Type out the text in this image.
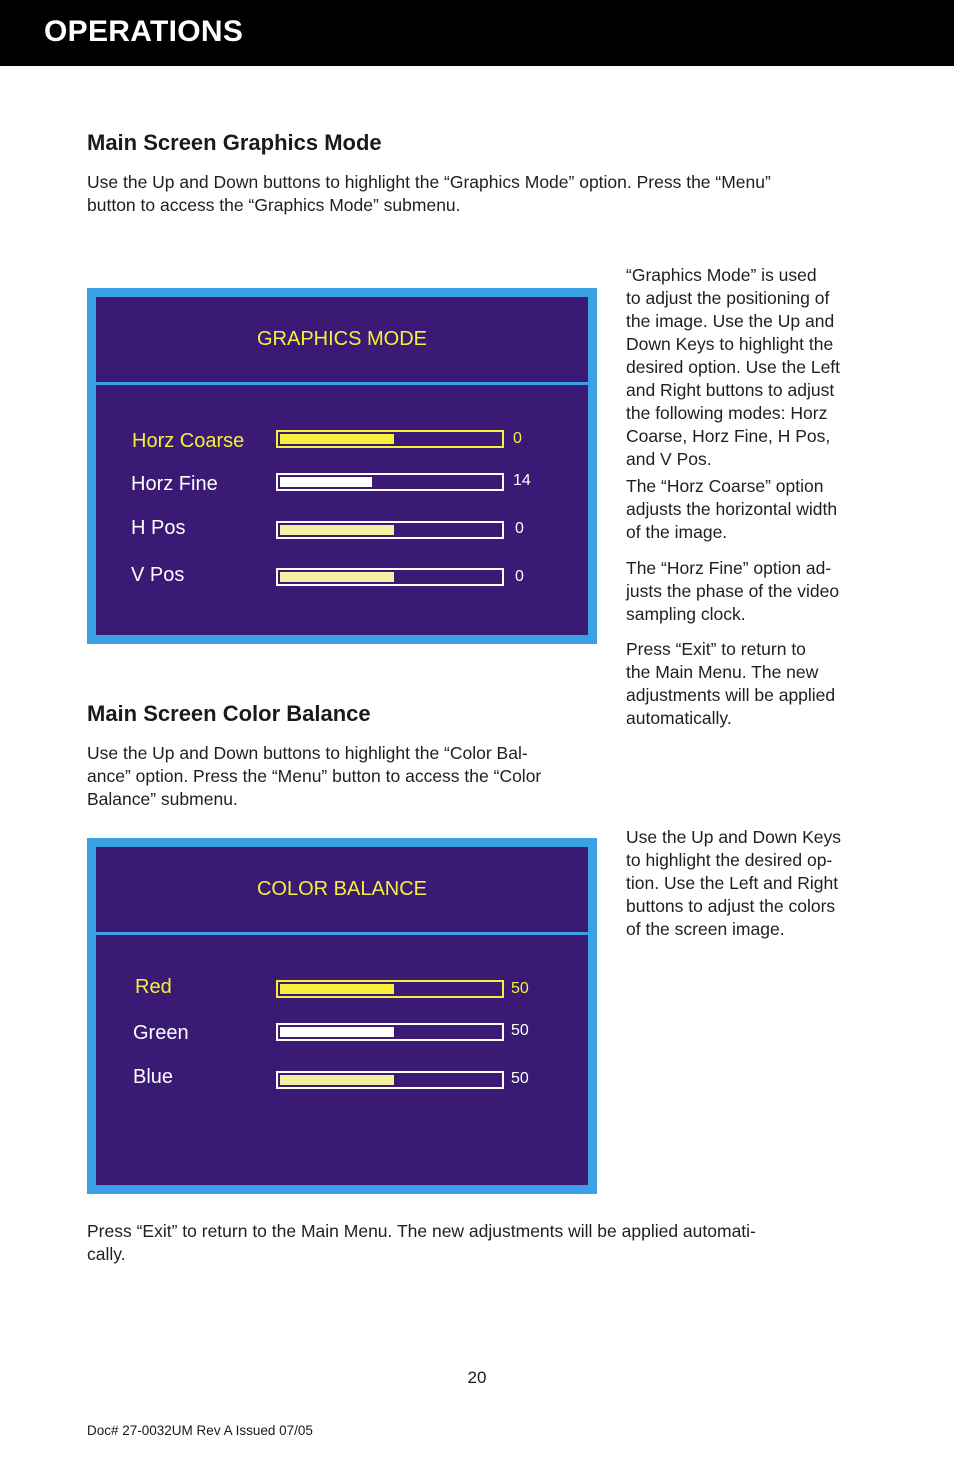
OPERATIONS
Main Screen Graphics Mode

Use the Up and Down buttons to highlight the “Graphics Mode” option. Press the “Menu”

button to access the “Graphics Mode” submenu.

GRAPHICS MODE
Horz Coarse	0
Horz Fine	14
H Pos	0
V Pos	0

“Graphics Mode” is used

to adjust the positioning of

the image. Use the Up and

Down Keys to highlight the

desired option. Use the Left

and Right buttons to adjust

the following modes: Horz

Coarse, Horz Fine, H Pos,

and V Pos.

The “Horz Coarse” option

adjusts the horizontal width

of the image.

The “Horz Fine” option ad-

justs the phase of the video

sampling clock.

Press “Exit” to return to

the Main Menu. The new

adjustments will be applied

automatically.

Main Screen Color Balance

Use the Up and Down buttons to highlight the “Color Bal-

ance” option. Press the “Menu” button to access the “Color

Balance” submenu.

COLOR BALANCE
Red	50
Green	50
Blue	50

Use the Up and Down Keys

to highlight the desired op-

tion. Use the Left and Right

buttons to adjust the colors

of the screen image.

Press “Exit” to return to the Main Menu. The new adjustments will be applied automati-

cally.

20
Doc# 27-0032UM Rev A Issued 07/05
